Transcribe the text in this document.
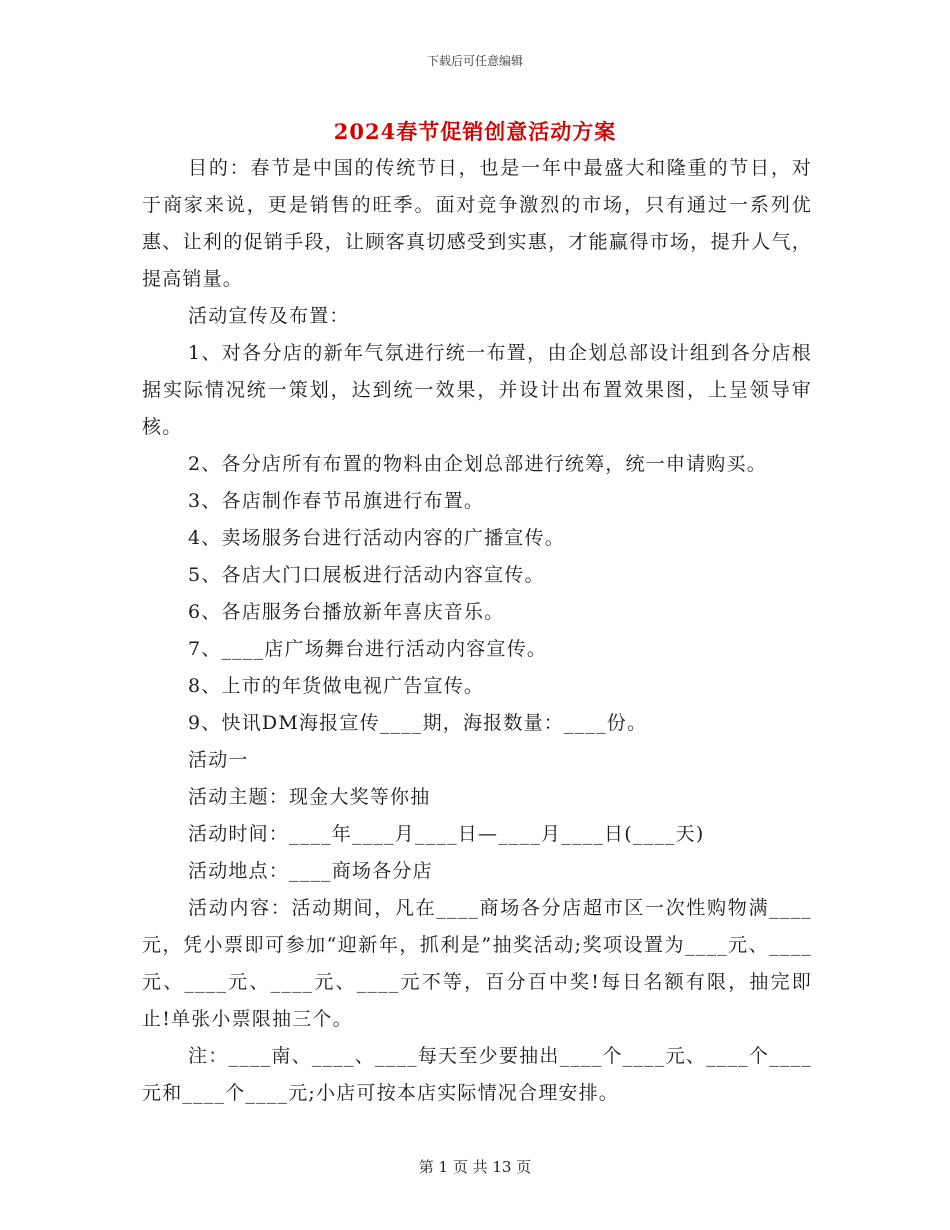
下载后可任意编辑
2024春节促销创意活动方案

目的：春节是中国的传统节日，也是一年中最盛大和隆重的节日，对于商家来说，更是销售的旺季。面对竞争激烈的市场，只有通过一系列优惠、让利的促销手段，让顾客真切感受到实惠，才能赢得市场，提升人气，提高销量。

活动宣传及布置：

1、对各分店的新年气氛进行统一布置，由企划总部设计组到各分店根据实际情况统一策划，达到统一效果，并设计出布置效果图，上呈领导审核。

2、各分店所有布置的物料由企划总部进行统筹，统一申请购买。

3、各店制作春节吊旗进行布置。

4、卖场服务台进行活动内容的广播宣传。

5、各店大门口展板进行活动内容宣传。

6、各店服务台播放新年喜庆音乐。

7、____店广场舞台进行活动内容宣传。

8、上市的年货做电视广告宣传。

9、快讯DM海报宣传____期，海报数量：____份。

活动一

活动主题：现金大奖等你抽

活动时间：____年____月____日—____月____日(____天)

活动地点：____商场各分店

活动内容：活动期间，凡在____商场各分店超市区一次性购物满____元，凭小票即可参加“迎新年，抓利是”抽奖活动;奖项设置为____元、____元、____元、____元、____元不等，百分百中奖!每日名额有限，抽完即止!单张小票限抽三个。

注：____南、____、____每天至少要抽出____个____元、____个____元和____个____元;小店可按本店实际情况合理安排。

第 1 页 共 13 页
